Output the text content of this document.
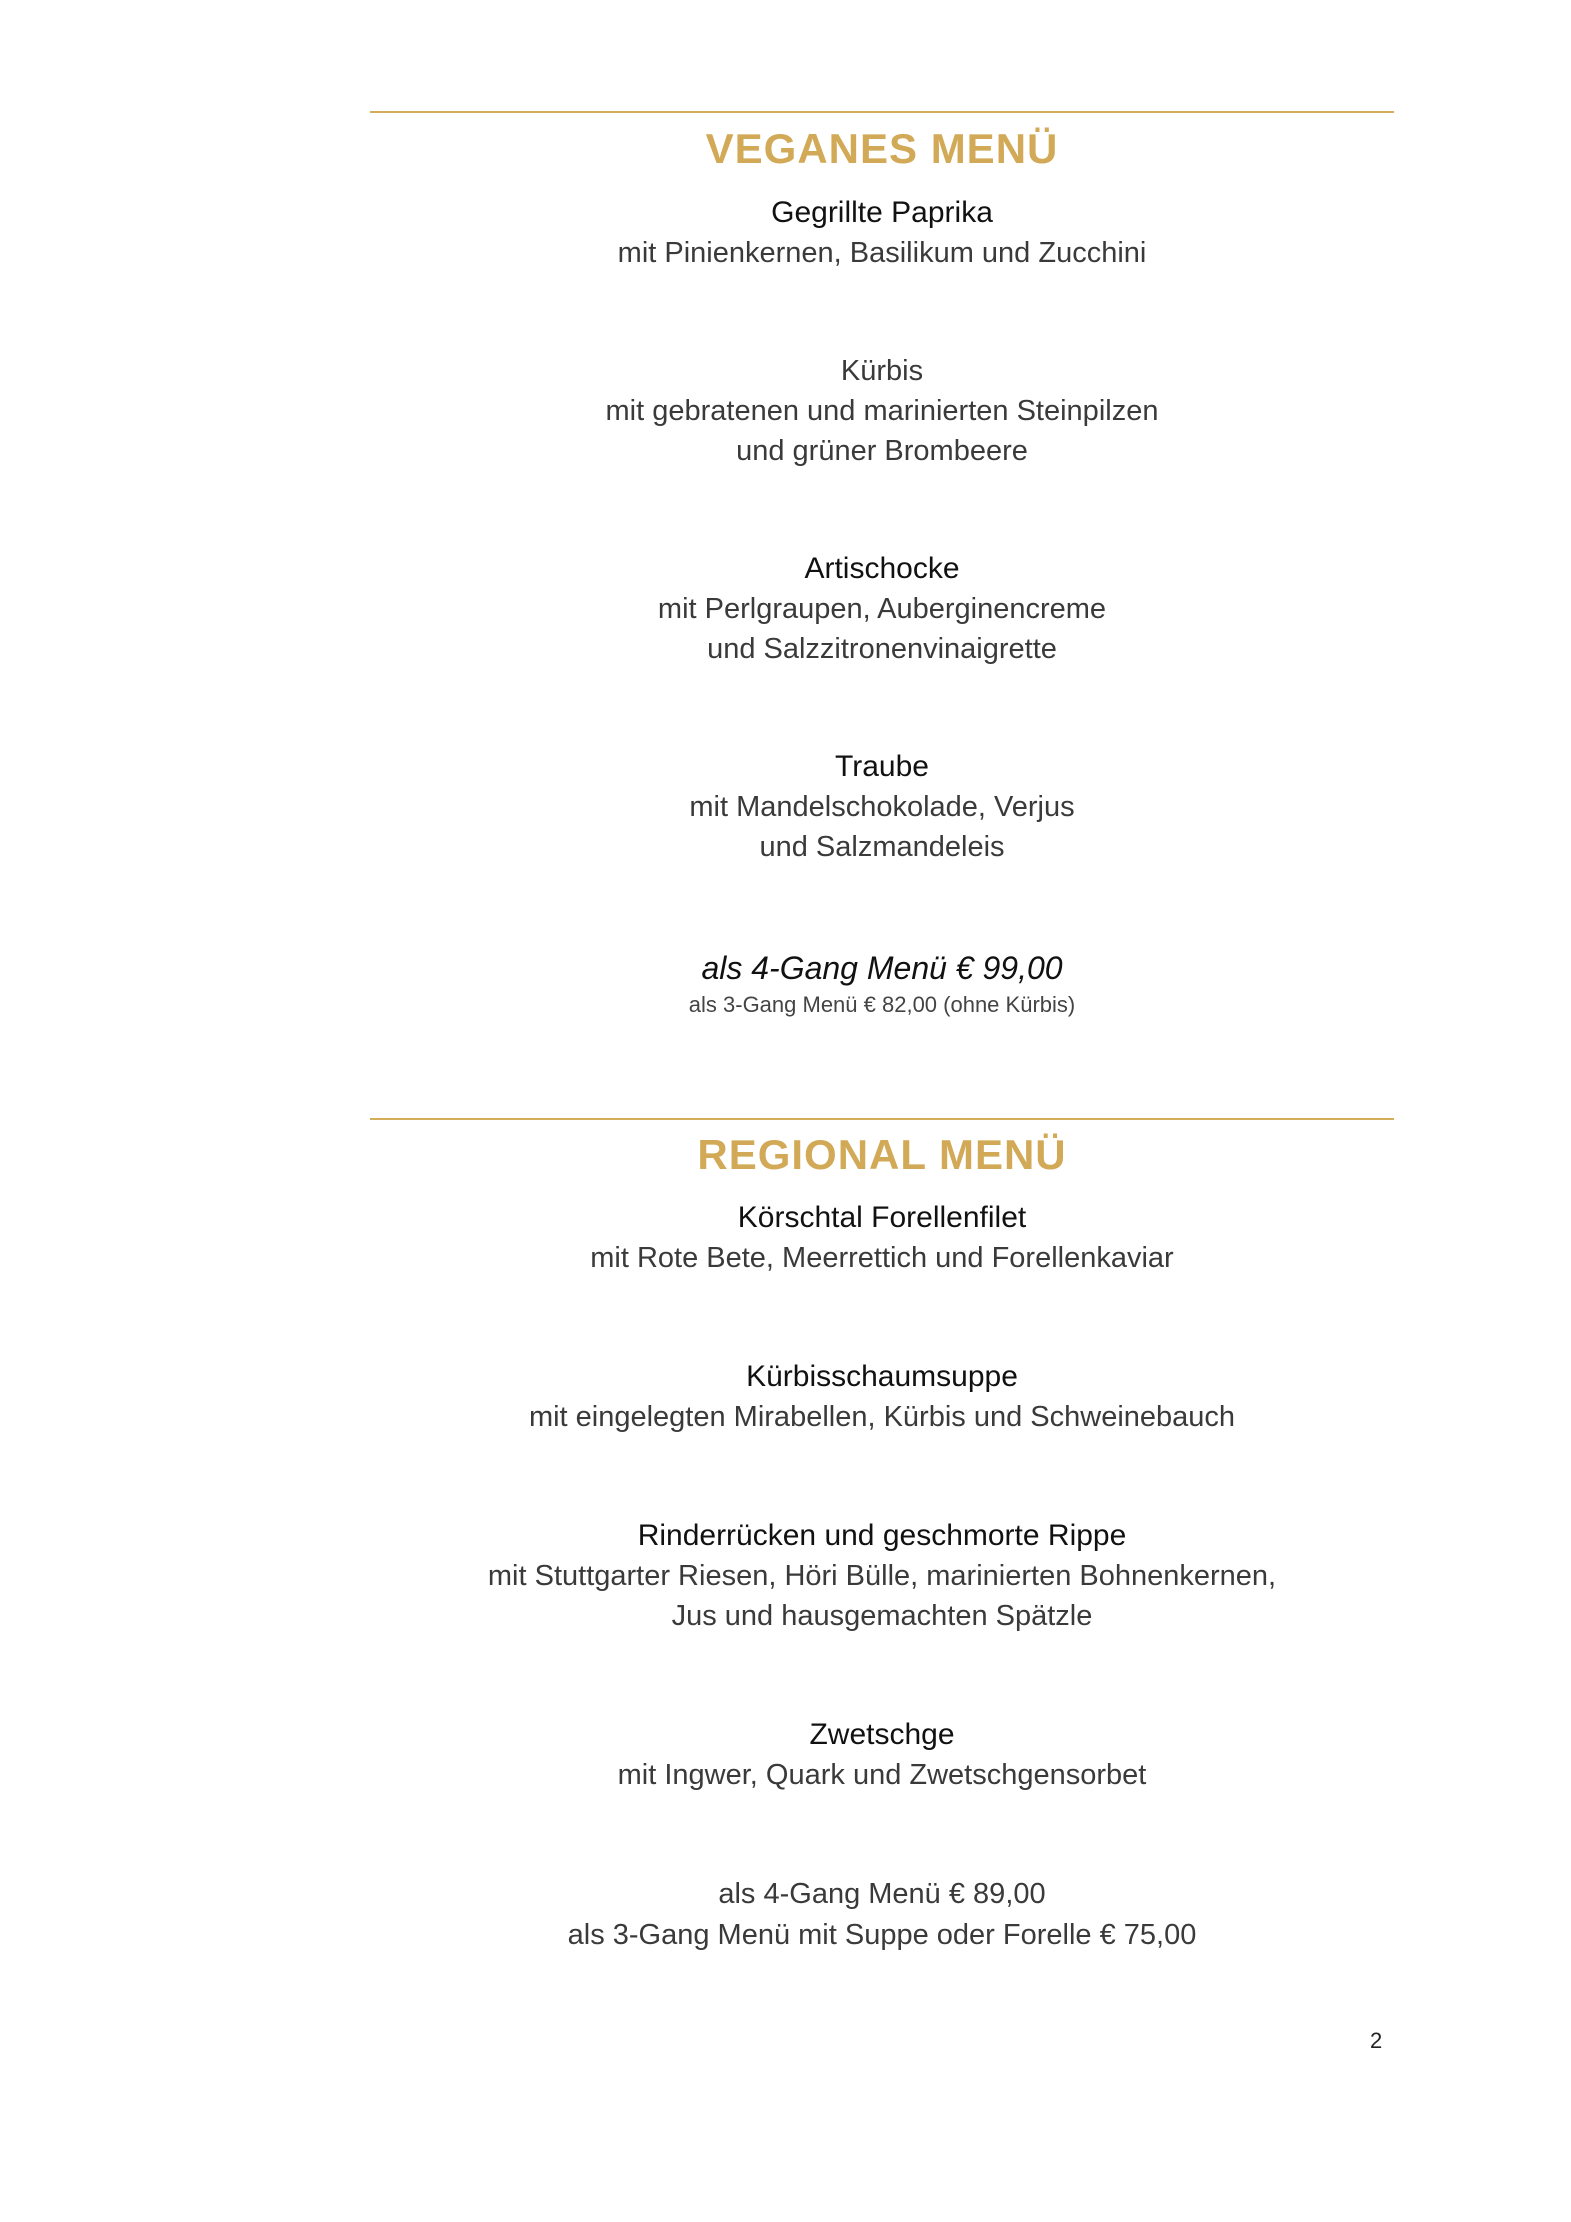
VEGANES MENÜ
Gegrillte Paprika
mit Pinienkernen, Basilikum und Zucchini
Kürbis
mit gebratenen und marinierten Steinpilzen
und grüner Brombeere
Artischocke
mit Perlgraupen, Auberginencreme
und Salzzitronenvinaigrette
Traube
mit Mandelschokolade, Verjus
und Salzmandeleis
als 4-Gang Menü € 99,00
als 3-Gang Menü € 82,00 (ohne Kürbis)
REGIONAL MENÜ
Körschtal Forellenfilet
mit Rote Bete, Meerrettich und Forellenkaviar
Kürbisschaumsuppe
mit eingelegten Mirabellen, Kürbis und Schweinebauch
Rinderrücken und geschmorte Rippe
mit Stuttgarter Riesen, Höri Bülle, marinierten Bohnenkernen,
Jus und hausgemachten Spätzle
Zwetschge
mit Ingwer, Quark und Zwetschgensorbet
als 4-Gang Menü € 89,00
als 3-Gang Menü mit Suppe oder Forelle € 75,00
2
